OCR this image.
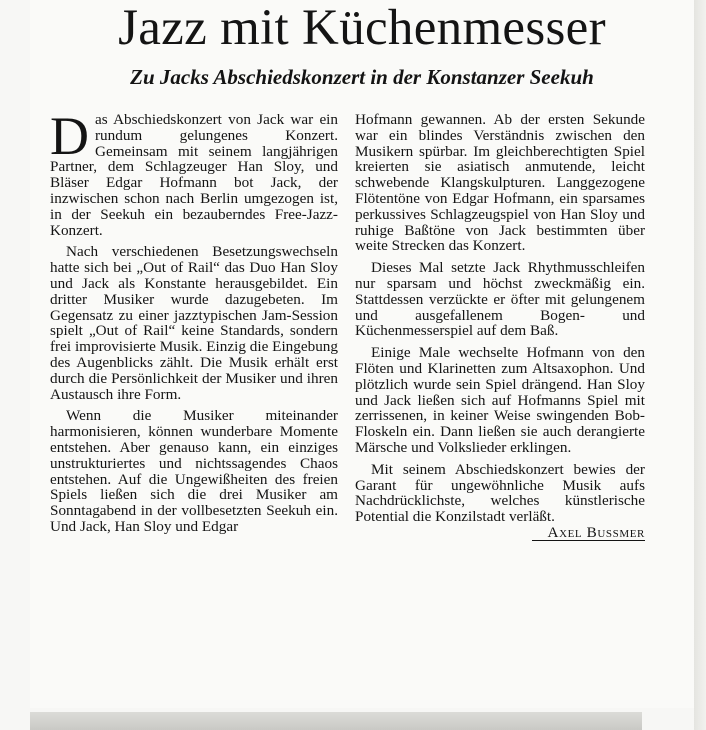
Jazz mit Küchenmesser
Zu Jacks Abschiedskonzert in der Konstanzer Seekuh

Das Abschiedskonzert von Jack war ein rundum gelungenes Konzert. Gemeinsam mit seinem langjährigen Partner, dem Schlagzeuger Han Sloy, und Bläser Edgar Hofmann bot Jack, der inzwischen schon nach Berlin umgezogen ist, in der Seekuh ein bezauberndes Free-Jazz-Konzert.

Nach verschiedenen Besetzungswechseln hatte sich bei „Out of Rail“ das Duo Han Sloy und Jack als Konstante herausgebildet. Ein dritter Musiker wurde dazugebeten. Im Gegensatz zu einer jazztypischen Jam-Session spielt „Out of Rail“ keine Standards, sondern frei improvisierte Musik. Einzig die Eingebung des Augenblicks zählt. Die Musik erhält erst durch die Persönlichkeit der Musiker und ihren Austausch ihre Form.

Wenn die Musiker miteinander harmonisieren, können wunderbare Momente entstehen. Aber genauso kann, ein einziges unstrukturiertes und nichtssagendes Chaos entstehen. Auf die Ungewißheiten des freien Spiels ließen sich die drei Musiker am Sonntagabend in der vollbesetzten Seekuh ein. Und Jack, Han Sloy und Edgar

Hofmann gewannen. Ab der ersten Sekunde war ein blindes Verständnis zwischen den Musikern spürbar. Im gleichberechtigten Spiel kreierten sie asiatisch anmutende, leicht schwebende Klangskulpturen. Langgezogene Flötentöne von Edgar Hofmann, ein sparsames perkussives Schlagzeugspiel von Han Sloy und ruhige Baßtöne von Jack bestimmten über weite Strecken das Konzert.

Dieses Mal setzte Jack Rhythmusschleifen nur sparsam und höchst zweckmäßig ein. Stattdessen verzückte er öfter mit gelungenem und ausgefallenem Bogen- und Küchenmesserspiel auf dem Baß.

Einige Male wechselte Hofmann von den Flöten und Klarinetten zum Altsaxophon. Und plötzlich wurde sein Spiel drängend. Han Sloy und Jack ließen sich auf Hofmanns Spiel mit zerrissenen, in keiner Weise swingenden Bob-Floskeln ein. Dann ließen sie auch derangierte Märsche und Volkslieder erklingen.

Mit seinem Abschiedskonzert bewies der Garant für ungewöhnliche Musik aufs Nachdrücklichste, welches künstlerische Potential die Konzilstadt verläßt.
Axel Bussmer
